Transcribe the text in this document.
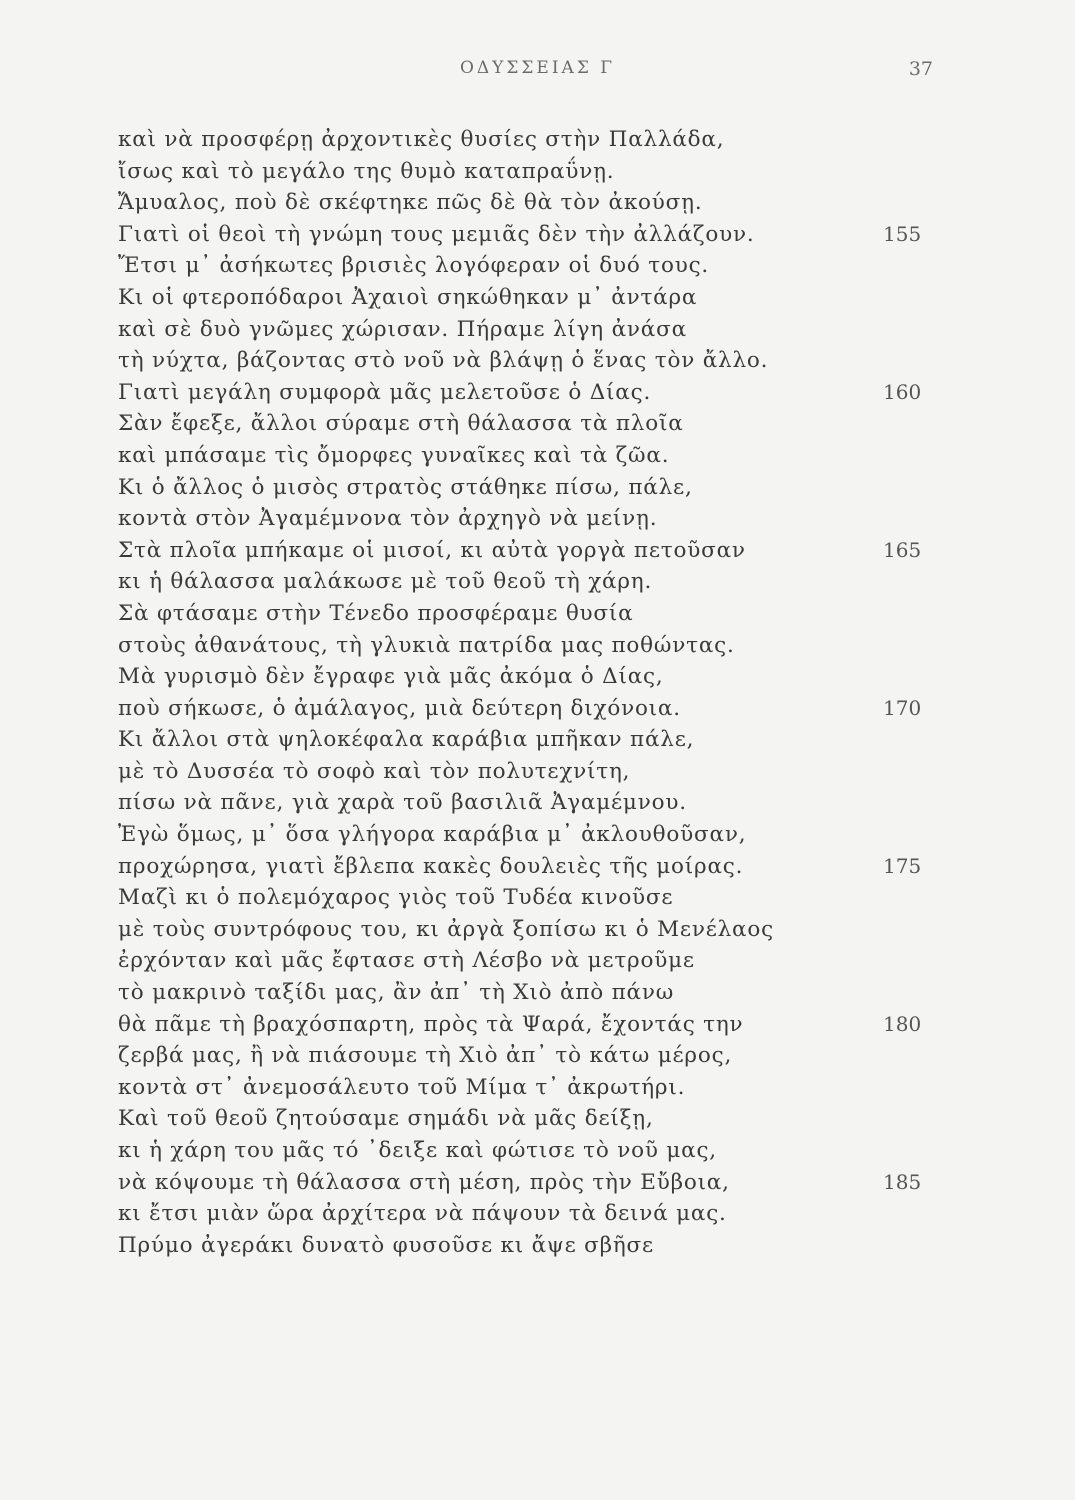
ΟΔΥΣΣΕΙΑΣ Γ	37
καὶ νὰ προσφέρῃ ἀρχοντικὲς θυσίες στὴν Παλλάδα,
ἴσως καὶ τὸ μεγάλο της θυμὸ καταπραΰνῃ.
Ἄμυαλος, ποὺ δὲ σκέφτηκε πῶς δὲ θὰ τὸν ἀκούσῃ.
Γιατὶ οἱ θεοὶ τὴ γνώμη τους μεμιᾶς δὲν τὴν ἀλλάζουν.	155
Ἔτσι μ᾽ ἀσήκωτες βρισιὲς λογόφεραν οἱ δυό τους.
Κι οἱ φτεροπόδαροι Ἀχαιοὶ σηκώθηκαν μ᾽ ἀντάρα
καὶ σὲ δυὸ γνῶμες χώρισαν. Πήραμε λίγη ἀνάσα
τὴ νύχτα, βάζοντας στὸ νοῦ νὰ βλάψῃ ὁ ἕνας τὸν ἄλλο.
Γιατὶ μεγάλη συμφορὰ μᾶς μελετοῦσε ὁ Δίας.	160
Σὰν ἔφεξε, ἄλλοι σύραμε στὴ θάλασσα τὰ πλοῖα
καὶ μπάσαμε τὶς ὄμορφες γυναῖκες καὶ τὰ ζῶα.
Κι ὁ ἄλλος ὁ μισὸς στρατὸς στάθηκε πίσω, πάλε,
κοντὰ στὸν Ἀγαμέμνονα τὸν ἀρχηγὸ νὰ μείνῃ.
Στὰ πλοῖα μπήκαμε οἱ μισοί, κι αὐτὰ γοργὰ πετοῦσαν	165
κι ἡ θάλασσα μαλάκωσε μὲ τοῦ θεοῦ τὴ χάρη.
Σὰ φτάσαμε στὴν Τένεδο προσφέραμε θυσία
στοὺς ἀθανάτους, τὴ γλυκιὰ πατρίδα μας ποθώντας.
Μὰ γυρισμὸ δὲν ἔγραφε γιὰ μᾶς ἀκόμα ὁ Δίας,
ποὺ σήκωσε, ὁ ἀμάλαγος, μιὰ δεύτερη διχόνοια.	170
Κι ἄλλοι στὰ ψηλοκέφαλα καράβια μπῆκαν πάλε,
μὲ τὸ Δυσσέα τὸ σοφὸ καὶ τὸν πολυτεχνίτη,
πίσω νὰ πᾶνε, γιὰ χαρὰ τοῦ βασιλιᾶ Ἀγαμέμνου.
Ἐγὼ ὅμως, μ᾽ ὅσα γλήγορα καράβια μ᾽ ἀκλουθοῦσαν,
προχώρησα, γιατὶ ἔβλεπα κακὲς δουλειὲς τῆς μοίρας.	175
Μαζὶ κι ὁ πολεμόχαρος γιὸς τοῦ Τυδέα κινοῦσε
μὲ τοὺς συντρόφους του, κι ἀργὰ ξοπίσω κι ὁ Μενέλαος
ἐρχόνταν καὶ μᾶς ἔφτασε στὴ Λέσβο νὰ μετροῦμε
τὸ μακρινὸ ταξίδι μας, ἂν ἀπ᾽ τὴ Χιὸ ἀπὸ πάνω
θὰ πᾶμε τὴ βραχόσπαρτη, πρὸς τὰ Ψαρά, ἔχοντάς την	180
ζερβά μας, ἢ νὰ πιάσουμε τὴ Χιὸ ἀπ᾽ τὸ κάτω μέρος,
κοντὰ στ᾽ ἀνεμοσάλευτο τοῦ Μίμα τ᾽ ἀκρωτήρι.
Καὶ τοῦ θεοῦ ζητούσαμε σημάδι νὰ μᾶς δείξῃ,
κι ἡ χάρη του μᾶς τό ᾽δειξε καὶ φώτισε τὸ νοῦ μας,
νὰ κόψουμε τὴ θάλασσα στὴ μέση, πρὸς τὴν Εὔβοια,	185
κι ἔτσι μιὰν ὥρα ἀρχίτερα νὰ πάψουν τὰ δεινά μας.
Πρύμο ἀγεράκι δυνατὸ φυσοῦσε κι ἄψε σβῆσε
